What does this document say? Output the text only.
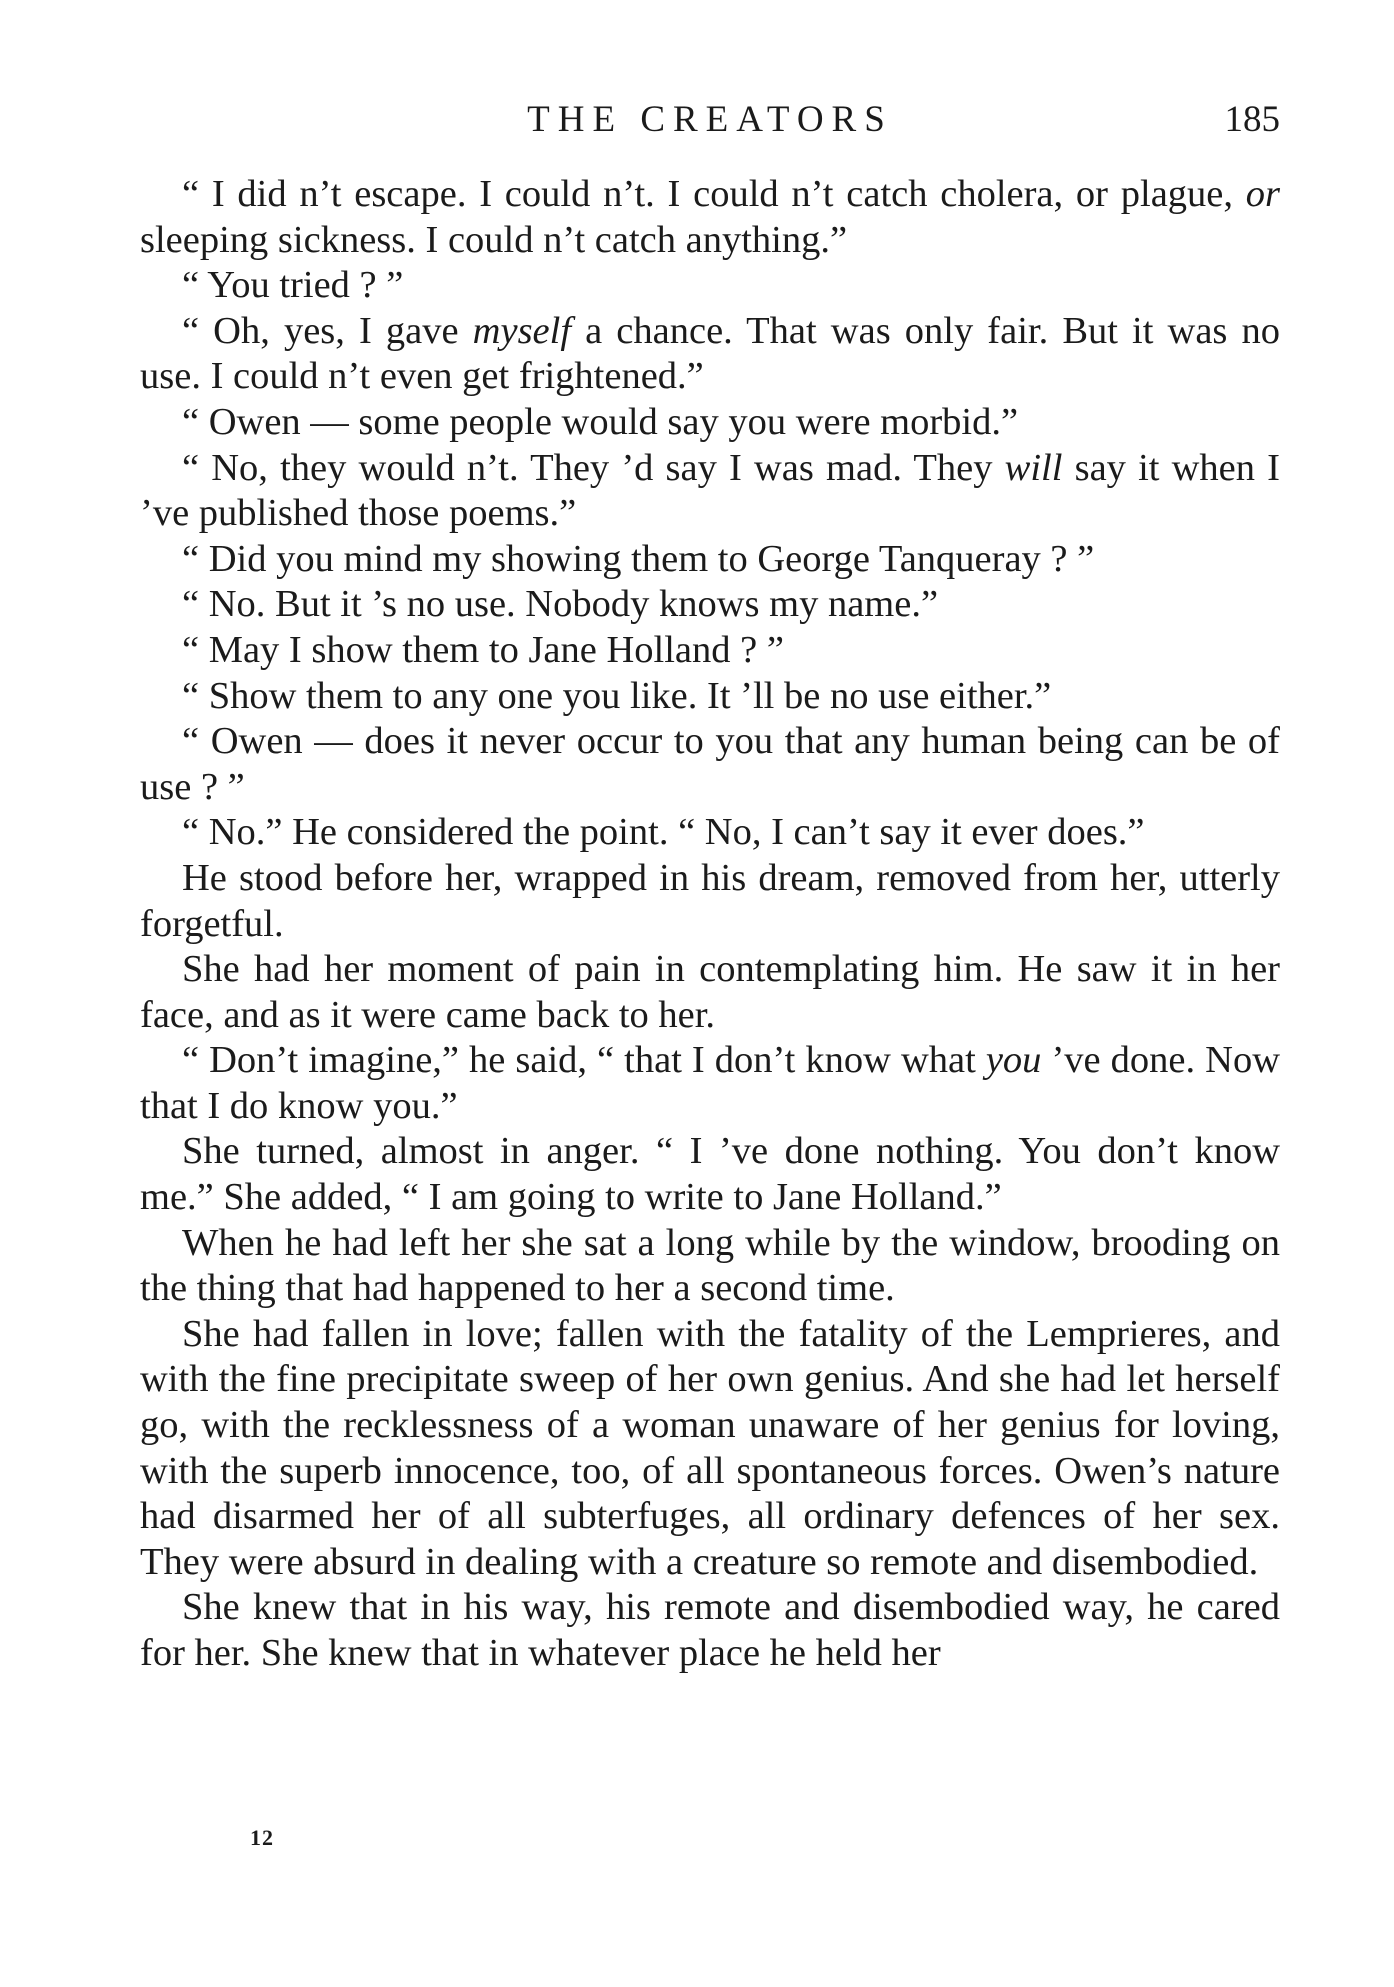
THE CREATORS	185

“ I did n’t escape. I could n’t. I could n’t catch cholera, or plague, or sleeping sickness. I could n’t catch anything.”

“ You tried ? ”

“ Oh, yes, I gave myself a chance. That was only fair. But it was no use. I could n’t even get frightened.”

“ Owen — some people would say you were morbid.”

“ No, they would n’t. They ’d say I was mad. They will say it when I ’ve published those poems.”

“ Did you mind my showing them to George Tanqueray ? ”

“ No. But it ’s no use. Nobody knows my name.”

“ May I show them to Jane Holland ? ”

“ Show them to any one you like. It ’ll be no use either.”

“ Owen — does it never occur to you that any human being can be of use ? ”

“ No.” He considered the point. “ No, I can’t say it ever does.”

He stood before her, wrapped in his dream, removed from her, utterly forgetful.

She had her moment of pain in contemplating him. He saw it in her face, and as it were came back to her.

“ Don’t imagine,” he said, “ that I don’t know what you ’ve done. Now that I do know you.”

She turned, almost in anger. “ I ’ve done nothing. You don’t know me.” She added, “ I am going to write to Jane Holland.”

When he had left her she sat a long while by the window, brooding on the thing that had happened to her a second time.

She had fallen in love; fallen with the fatality of the Lemprieres, and with the fine precipitate sweep of her own genius. And she had let herself go, with the recklessness of a woman unaware of her genius for loving, with the superb innocence, too, of all spontaneous forces. Owen’s nature had disarmed her of all subterfuges, all ordinary defences of her sex. They were absurd in dealing with a creature so remote and disembodied.

She knew that in his way, his remote and disembodied way, he cared for her. She knew that in whatever place he held her

12
